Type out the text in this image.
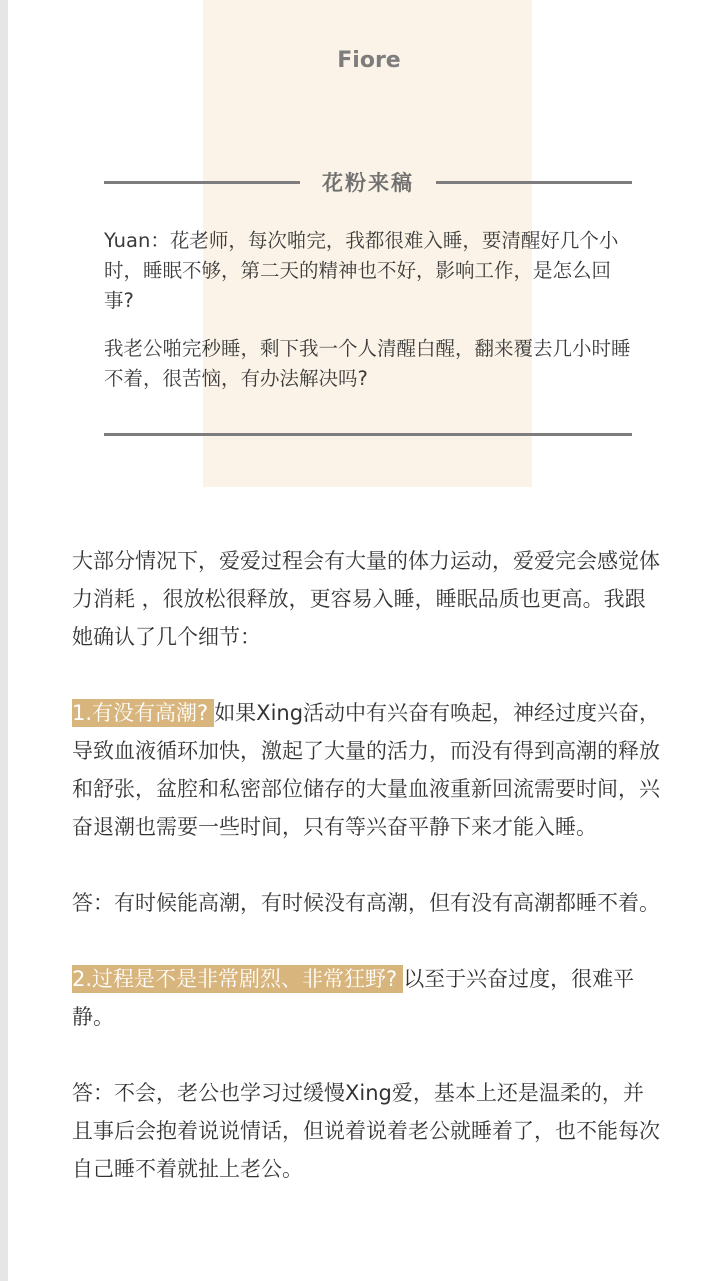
Fiore
花粉来稿

Yuan：花老师，每次啪完，我都很难入睡，要清醒好几个小时，睡眠不够，第二天的精神也不好，影响工作，是怎么回事?

我老公啪完秒睡，剩下我一个人清醒白醒，翻来覆去几小时睡不着，很苦恼，有办法解决吗?

大部分情况下，爱爱过程会有大量的体力运动，爱爱完会感觉体力消耗 ，很放松很释放，更容易入睡，睡眠品质也更高。我跟她确认了几个细节：

1.有没有高潮? 如果Xing活动中有兴奋有唤起，神经过度兴奋，导致血液循环加快，激起了大量的活力，而没有得到高潮的释放和舒张，盆腔和私密部位储存的大量血液重新回流需要时间，兴奋退潮也需要一些时间，只有等兴奋平静下来才能入睡。

答：有时候能高潮，有时候没有高潮，但有没有高潮都睡不着。

2.过程是不是非常剧烈、非常狂野? 以至于兴奋过度，很难平静。

答：不会，老公也学习过缓慢Xing爱，基本上还是温柔的，并且事后会抱着说说情话，但说着说着老公就睡着了，也不能每次自己睡不着就扯上老公。
